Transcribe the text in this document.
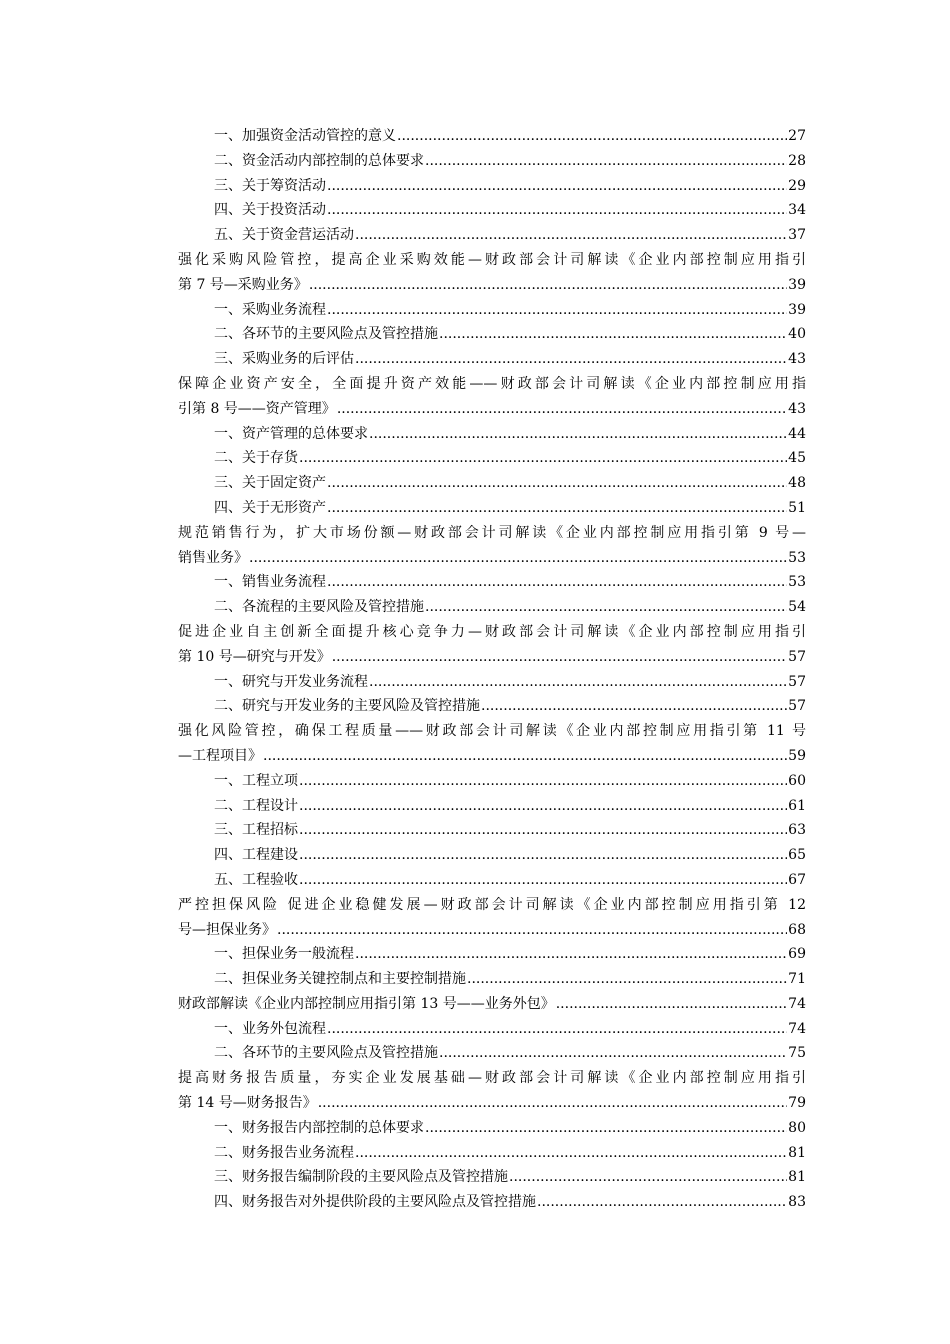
一、加强资金活动管控的意义 .....	27
二、资金活动内部控制的总体要求 .....	28
三、关于筹资活动 .....	29
四、关于投资活动 .....	34
五、关于资金营运活动 .....	37
强化采购风险管控，提高企业采购效能—财政部会计司解读《企业内部控制应用指引
第 7 号—采购业务》 .....	39
一、采购业务流程 .....	39
二、各环节的主要风险点及管控措施 .....	40
三、采购业务的后评估 .....	43
保障企业资产安全，全面提升资产效能——财政部会计司解读《企业内部控制应用指
引第 8 号——资产管理》 .....	43
一、资产管理的总体要求 .....	44
二、关于存货 .....	45
三、关于固定资产 .....	48
四、关于无形资产 .....	51
规范销售行为，扩大市场份额—财政部会计司解读《企业内部控制应用指引第 9 号—
销售业务》 .....	53
一、销售业务流程 .....	53
二、各流程的主要风险及管控措施 .....	54
促进企业自主创新全面提升核心竞争力—财政部会计司解读《企业内部控制应用指引
第 10 号—研究与开发》 .....	57
一、研究与开发业务流程 .....	57
二、研究与开发业务的主要风险及管控措施 .....	57
强化风险管控，确保工程质量——财政部会计司解读《企业内部控制应用指引第 11 号
—工程项目》 .....	59
一、工程立项 .....	60
二、工程设计 .....	61
三、工程招标 .....	63
四、工程建设 .....	65
五、工程验收 .....	67
严控担保风险 促进企业稳健发展—财政部会计司解读《企业内部控制应用指引第 12
号—担保业务》 .....	68
一、担保业务一般流程 .....	69
二、担保业务关键控制点和主要控制措施 .....	71
财政部解读《企业内部控制应用指引第 13 号——业务外包》 .....	74
一、业务外包流程 .....	74
二、各环节的主要风险点及管控措施 .....	75
提高财务报告质量，夯实企业发展基础—财政部会计司解读《企业内部控制应用指引
第 14 号—财务报告》 .....	79
一、财务报告内部控制的总体要求 .....	80
二、财务报告业务流程 .....	81
三、财务报告编制阶段的主要风险点及管控措施 .....	81
四、财务报告对外提供阶段的主要风险点及管控措施 .....	83
